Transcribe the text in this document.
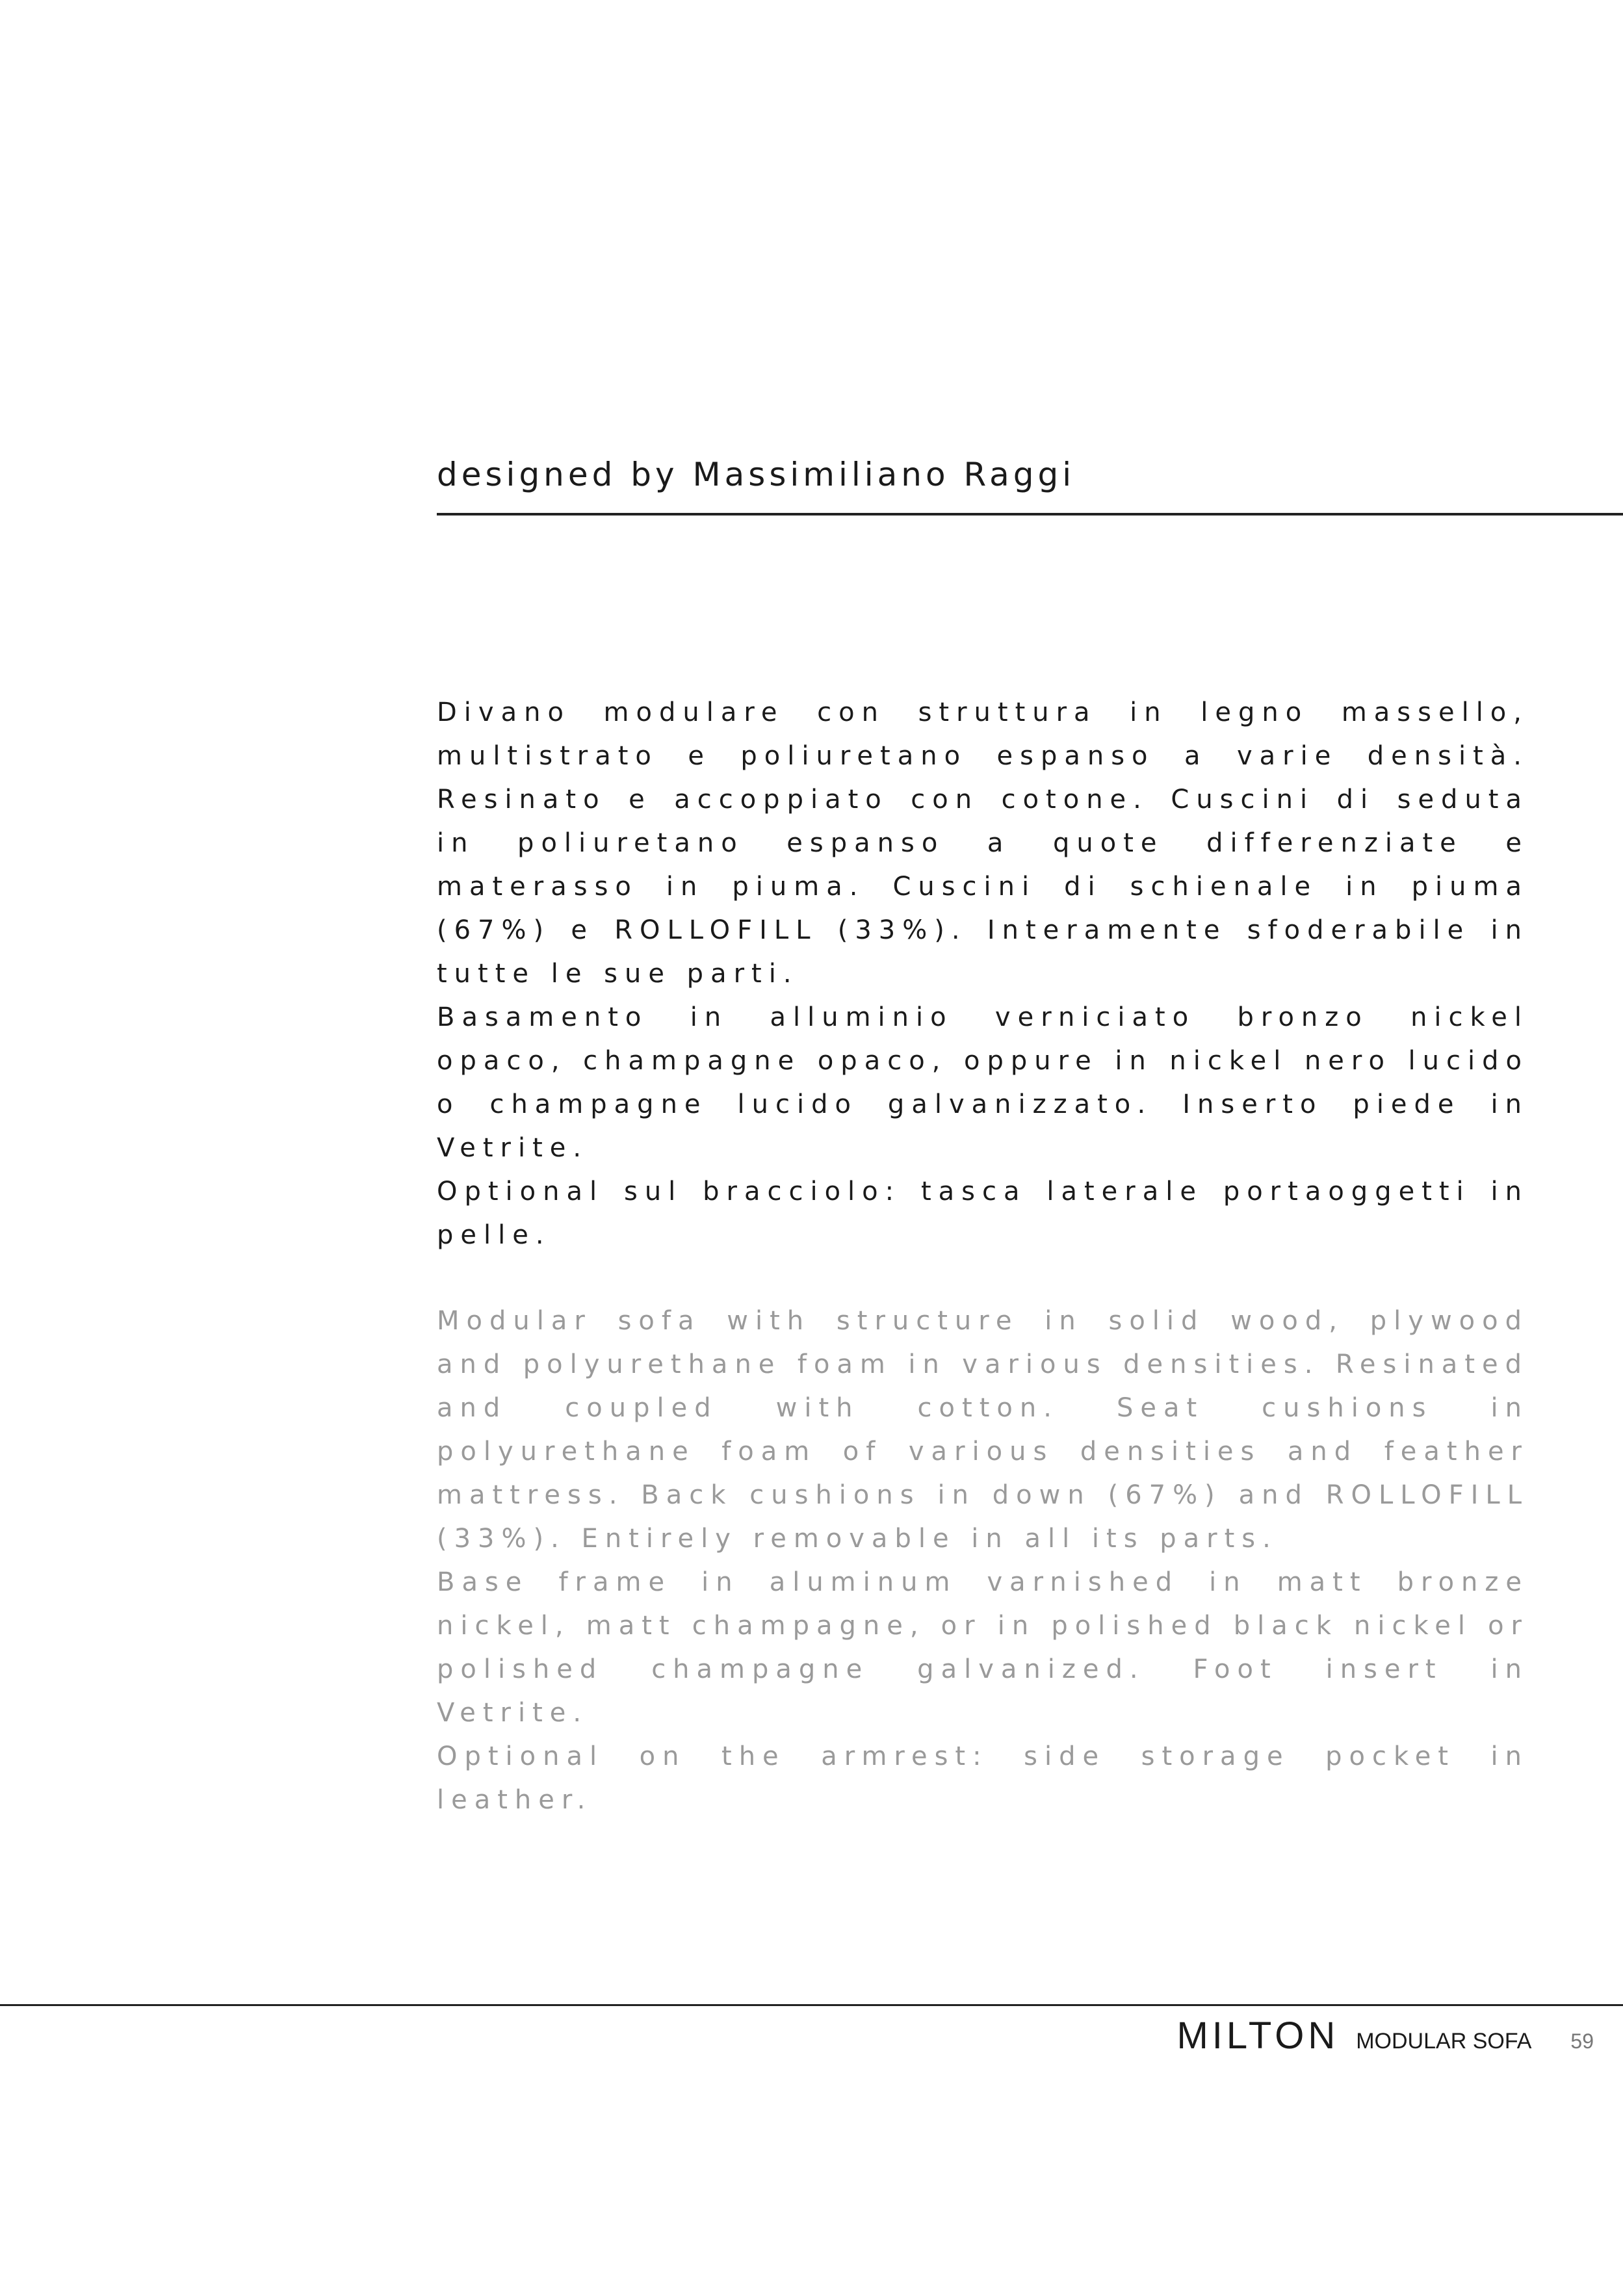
designed by Massimiliano Raggi

Divano modulare con struttura in legno massello, multistrato e poliuretano espanso a varie densità. Resinato e accoppiato con cotone. Cuscini di seduta in poliuretano espanso a quote differenziate e materasso in piuma. Cuscini di schienale in piuma (67%) e ROLLOFILL (33%). Interamente sfoderabile in tutte le sue parti.

Basamento in alluminio verniciato bronzo nickel opaco, champagne opaco, oppure in nickel nero lucido o champagne lucido galvanizzato. Inserto piede in Vetrite.

Optional sul bracciolo: tasca laterale portaoggetti in pelle.

Modular sofa with structure in solid wood, plywood and polyurethane foam in various densities. Resinated and coupled with cotton. Seat cushions in polyurethane foam of various densities and feather mattress. Back cushions in down (67%) and ROLLOFILL (33%). Entirely removable in all its parts.

Base frame in aluminum varnished in matt bronze nickel, matt champagne, or in polished black nickel or polished champagne galvanized. Foot insert in Vetrite.

Optional on the armrest: side storage pocket in leather.

MILTON MODULAR SOFA 59
